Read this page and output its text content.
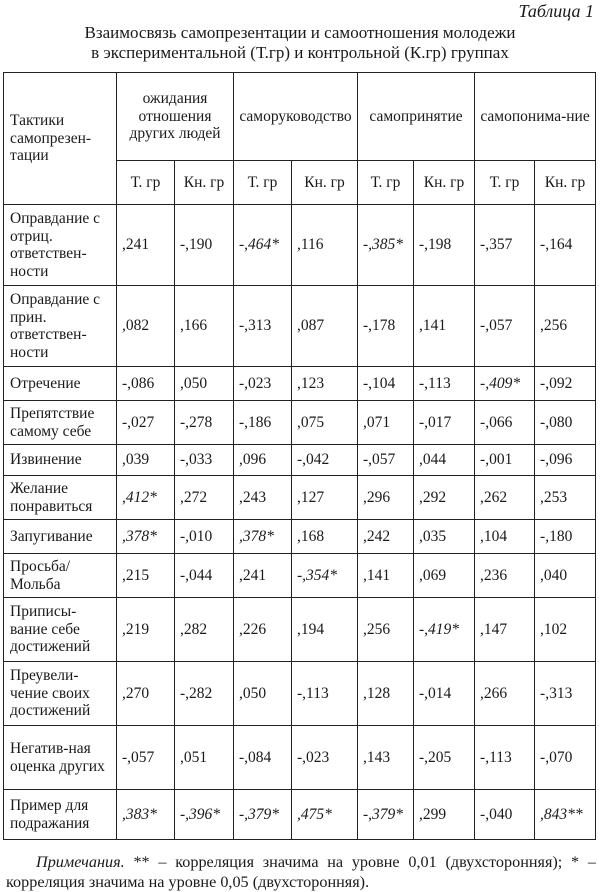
Таблица 1
Взаимосвязь самопрезентации и самоотношения молодежи
в экспериментальной (Т.гр) и контрольной (К.гр) группах
Тактики самопрезен-тации	ожидания отношения других людей		саморуководство		самопринятие		самопонима-ние	
	Т. гр	Кн. гр	Т. гр	Кн. гр	Т. гр	Кн. гр	Т. гр	Кн. гр
Оправдание с отриц. ответствен-ности	,241	-,190	-,464*	,116	-,385*	-,198	-,357	-,164
Оправдание с прин. ответствен-ности	,082	,166	-,313	,087	-,178	,141	-,057	,256
Отречение	-,086	,050	-,023	,123	-,104	-,113	-,409*	-,092
Препятствие самому себе	-,027	-,278	-,186	,075	,071	-,017	-,066	-,080
Извинение	,039	-,033	,096	-,042	-,057	,044	-,001	-,096
Желание понравиться	,412*	,272	,243	,127	,296	,292	,262	,253
Запугивание	,378*	-,010	,378*	,168	,242	,035	,104	-,180
Просьба/ Мольба	,215	-,044	,241	-,354*	,141	,069	,236	,040
Приписы-вание себе достижений	,219	,282	,226	,194	,256	-,419*	,147	,102
Преувели-чение своих достижений	,270	-,282	,050	-,113	,128	-,014	,266	-,313
Негатив-ная оценка других	-,057	,051	-,084	-,023	,143	-,205	-,113	-,070
Пример для подражания	,383*	-,396*	-,379*	,475*	-,379*	,299	-,040	,843**
Примечания. ** – корреляция значима на уровне 0,01 (двухсторонняя); * – корреляция значима на уровне 0,05 (двухсторонняя).
